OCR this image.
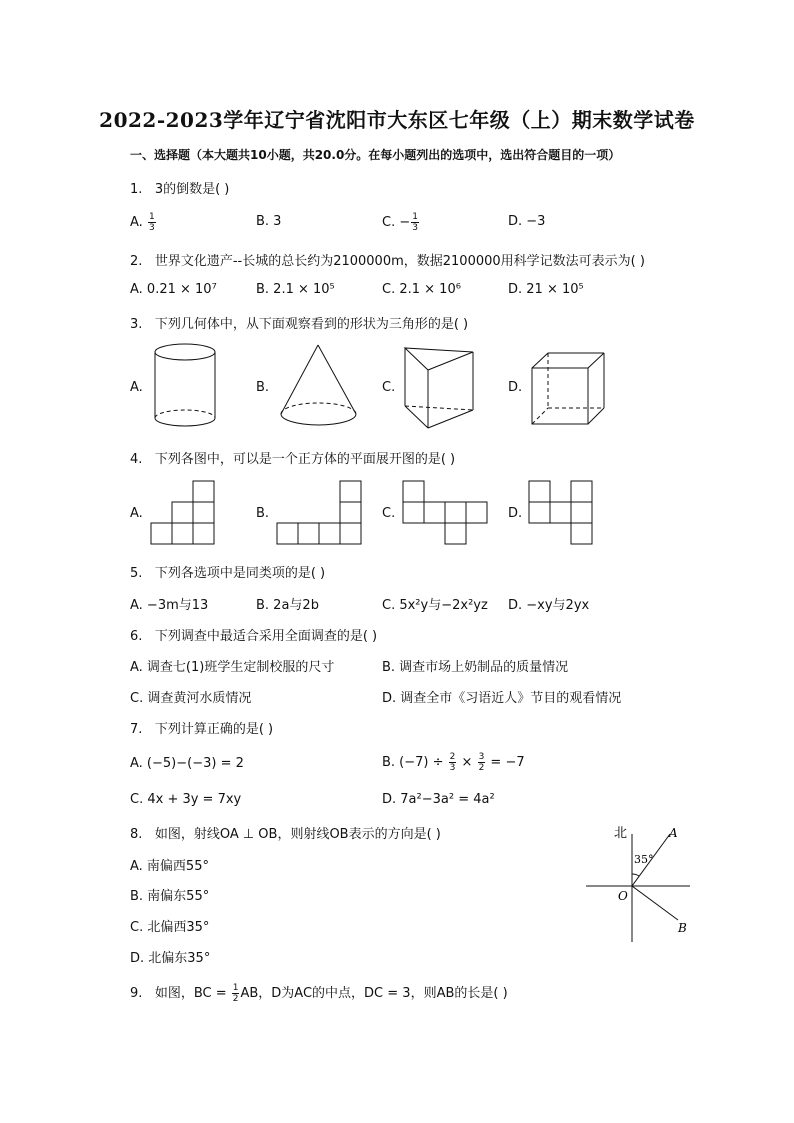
2022-2023学年辽宁省沈阳市大东区七年级（上）期末数学试卷
一、选择题（本大题共10小题，共20.0分。在每小题列出的选项中，选出符合题目的一项）
1. 3的倒数是( )
A. $\frac{1}{3}$	B. 3	C. − $\frac{1}{3}$	D. −3
2. 世界文化遗产--长城的总长约为2100000m，数据2100000用科学记数法可表示为( )
A. 0.21 × 10⁷	B. 2.1 × 10⁵	C. 2.1 × 10⁶	D. 21 × 10⁵
3. 下列几何体中，从下面观察看到的形状为三角形的是( )
A.	B.	C.	D.
4. 下列各图中，可以是一个正方体的平面展开图的是( )
A.	B.	C.	D.
5. 下列各选项中是同类项的是( )
A. −3m与13	B. 2a与2b	C. 5x²y与−2x²yz D. −xy与2yx
6. 下列调查中最适合采用全面调查的是( )
A. 调查七(1)班学生定制校服的尺寸	B. 调查市场上奶制品的质量情况
C. 调查黄河水质情况	D. 调查全市《习语近人》节目的观看情况
7. 下列计算正确的是( )
A. (−5)−(−3) = 2	B. $(-7) \div \frac{2}{3} \times \frac{3}{2} = -7$
C. 4x + 3y = 7xy	D. 7a²−3a² = 4a²
8. 如图，射线OA ⊥ OB，则射线OB表示的方向是( )
A. 南偏西55°
B. 南偏东55°
C. 北偏西35°
D. 北偏东35°
北
35°
A
O
B
9. 如图，BC = $\frac{1}{2}$ AB，D为AC的中点，DC = 3，则AB的长是( )
